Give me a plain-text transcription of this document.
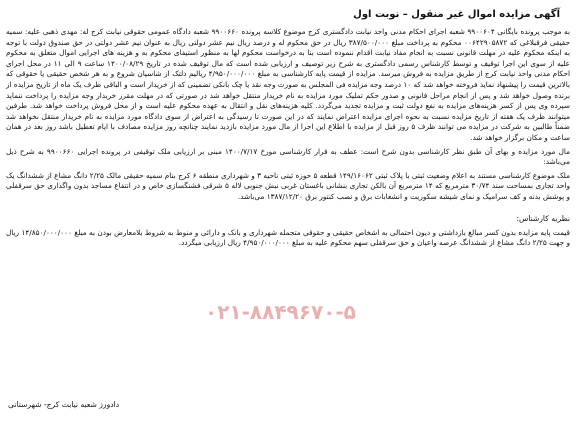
آگهی مزایده اموال غیر منقول – نوبت اول

به موجب پرونده بایگانی ۹۹۰۰۶۰۴ شعبه اجرای احکام مدنی واحد نیابت دادگستری کرج موضوع کلاسه پرونده ۹۹۰۰۶۶۰ شعبه دادگاه عمومی حقوقی نیابت کرج له: مهدی ذهبی علیه: سمیه حقیقی فرقبلاغی که ۰۰۶۴۲۹۰۵۸۷۲ محکوم به پرداخت مبلغ ۳۸۷/۵۰۰/۰۰۰ ریال در حق محکوم له و درصد ریال نیم عشر دولتی ریال به عنوان نیم عشر دولتی در حق صندوق دولت با توجه به اینکه محکوم علیه در مهلت قانونی نسبت به انجام مفاد نیابت اقدام ننموده است بنا به درخواست محکوم لها به منظور استیفای محکوم به و هزینه های اجرایی اموال متعلق به محکوم علیه از سوی این اجرا توقیف و توسط کارشناس رسمی دادگستری به شرح زیر توصیف و ارزیابی شده است که مال توقیف شده در تاریخ ۱۴۰۰/۰۸/۲۹ ساعت ۹ الی ۱۱ در محل اجرای احکام مدنی واحد نیابت کرج از طریق مزایده به فروش میرسد. مزایده از قیمت پایه کارشناسی به مبلغ ۴/۹۵۰/۰۰۰/۰۰۰ ریالیم دلتک از شاسیان شروع و به هر شخص حقیقی یا حقوقی که بالاترین قیمت را پیشنهاد نماید فروخته خواهد شد که ۱۰ درصد وجه مزایده فی المجلس به صورت وجه نقد یا چک بانکی تضمینی که از خریدار است و الباقی ظرف یک ماه از تاریخ مزایده از برنده وصول خواهد شد و پس از انجام مراحل قانونی و صدور حکم تملیک مورد مزایده به نام خریدار منتقل خواهد شد در صورتی که در مهلت مقرر خریدار وجه مزایده را پرداخت ننماید سپرده وی پس از کسر هزینه‌های مزایده به نفع دولت ثبت و مزایده تجدید می‌گردد. کلیه هزینه‌های نقل و انتقال به عهده محکوم علیه است و از محل فروش پرداخت خواهد شد. طرفین میتوانند ظرف یک هفته از تاریخ مزایده نسبت به نحوه اجرای مزایده اعتراض نمایند که در این صورت تا رسیدگی به اعتراض از سوی دادگاه مورد مزایده به نام خریدار منتقل نخواهد شد ضمناً طالبین به شرکت در مزایده می توانند ظرف ۵ روز قبل از مزایده با اطلاع این اجرا از مال مورد مزایده بازدید نمایند چنانچه روز مزایده مصادف با ایام تعطیل باشد روز بعد در همان ساعت و مکان برگزار خواهد شد.

مال مورد مزایده و بهای آن طبق نظر کارشناسی بدون شرح است: عطف به قرار کارشناسی مورخ ۱۴۰۰/۷/۱۷ مبنی بر ارزیابی ملک توقیفی در پرونده اجرایی ۹۹۰۰۶۶۰ به شرح ذیل می‌باشد:

ملک موضوع کارشناسی مستند به اعلام وضعیت ثبتی با پلاک ثبتی ۱۴۹/۱۶۰۶۲ قطعه ۵ حوزه ثبتی ناحیه ۳ و شهرداری منطقه ۶ کرج بنام سمیه حقیقی مالک ۲/۲۵ دانگ مشاع از ششدانگ یک واحد تجاری بمساحت سند ۳۰/۷۴ مترمربع که ۱۴ مترمربع آن بالکن تجاری بنشانی باغستان غربی نبش جنوبی لاله ۵ شرقی فشنگسازی خاص و در انتفاع مساجد بدون واگذاری حق سرقفلی و پوشش بدنه و کف سرامیک و نمای شیشه سکوریت و انشعابات برق و نصب کنتور برق ۱۳۸۷/۱۲/۲۰ می‌باشد.

۰۲۱-۸۸۴۹۶۷۰-۵
نظریه کارشناس:

قیمت پایه مزایده بدون کسر مبالغ بازداشتی و دیون احتمالی به اشخاص حقیقی و حقوقی متجمله شهرداری و بانک و دارائی و منوط به شروط بلامعارض بودن به مبلغ ۱۴/۸۵۰/۰۰۰/۰۰۰ ریال و جهت ۲/۲۵ دانگ مشاع از ششدانگ عرصه واعیان و حق سرقفلی سهم محکوم علیه به مبلغ ۴/۹۵۰/۰۰۰/۰۰۰ ریال ارزیابی میگردد.

دادورز شعبه نیابت کرج- شهرستانی
